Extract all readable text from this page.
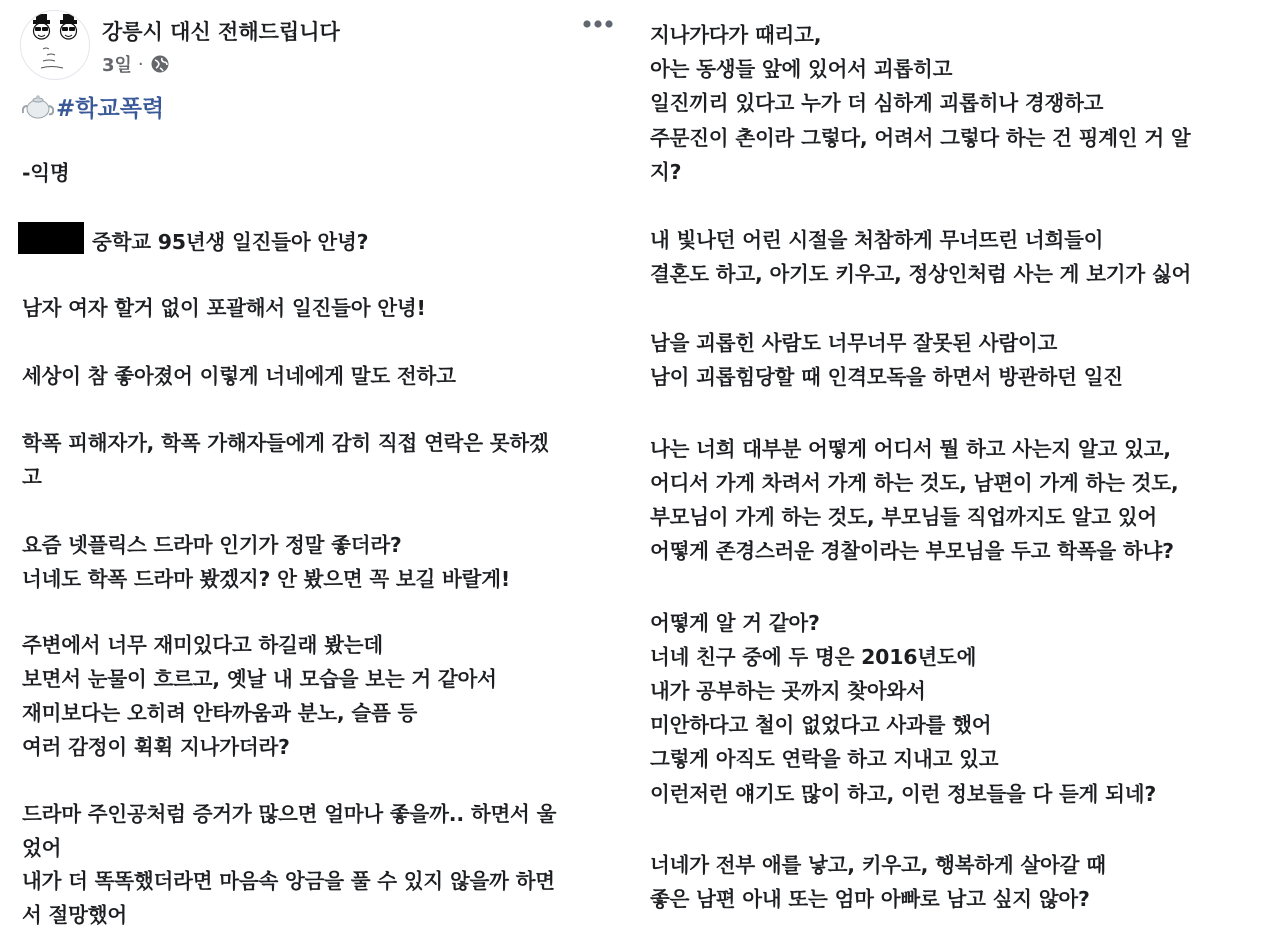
강릉시 대신 전해드립니다
3일 ·
#학교폭력
-익명
중학교 95년생 일진들아 안녕?
남자 여자 할거 없이 포괄해서 일진들아 안녕!
세상이 참 좋아졌어 이렇게 너네에게 말도 전하고
학폭 피해자가, 학폭 가해자들에게 감히 직접 연락은 못하겠
고
요즘 넷플릭스 드라마 인기가 정말 좋더라?
너네도 학폭 드라마 봤겠지? 안 봤으면 꼭 보길 바랄게!
주변에서 너무 재미있다고 하길래 봤는데
보면서 눈물이 흐르고, 옛날 내 모습을 보는 거 같아서
재미보다는 오히려 안타까움과 분노, 슬픔 등
여러 감정이 휙휙 지나가더라?
드라마 주인공처럼 증거가 많으면 얼마나 좋을까.. 하면서 울
었어
내가 더 똑똑했더라면 마음속 앙금을 풀 수 있지 않을까 하면
서 절망했어
지나가다가 때리고,
아는 동생들 앞에 있어서 괴롭히고
일진끼리 있다고 누가 더 심하게 괴롭히나 경쟁하고
주문진이 촌이라 그렇다, 어려서 그렇다 하는 건 핑계인 거 알
지?
내 빛나던 어린 시절을 처참하게 무너뜨린 너희들이
결혼도 하고, 아기도 키우고, 정상인처럼 사는 게 보기가 싫어
남을 괴롭힌 사람도 너무너무 잘못된 사람이고
남이 괴롭힘당할 때 인격모독을 하면서 방관하던 일진
나는 너희 대부분 어떻게 어디서 뭘 하고 사는지 알고 있고,
어디서 가게 차려서 가게 하는 것도, 남편이 가게 하는 것도,
부모님이 가게 하는 것도, 부모님들 직업까지도 알고 있어
어떻게 존경스러운 경찰이라는 부모님을 두고 학폭을 하냐?
어떻게 알 거 같아?
너네 친구 중에 두 명은 2016년도에
내가 공부하는 곳까지 찾아와서
미안하다고 철이 없었다고 사과를 했어
그렇게 아직도 연락을 하고 지내고 있고
이런저런 얘기도 많이 하고, 이런 정보들을 다 듣게 되네?
너네가 전부 애를 낳고, 키우고, 행복하게 살아갈 때
좋은 남편 아내 또는 엄마 아빠로 남고 싶지 않아?
